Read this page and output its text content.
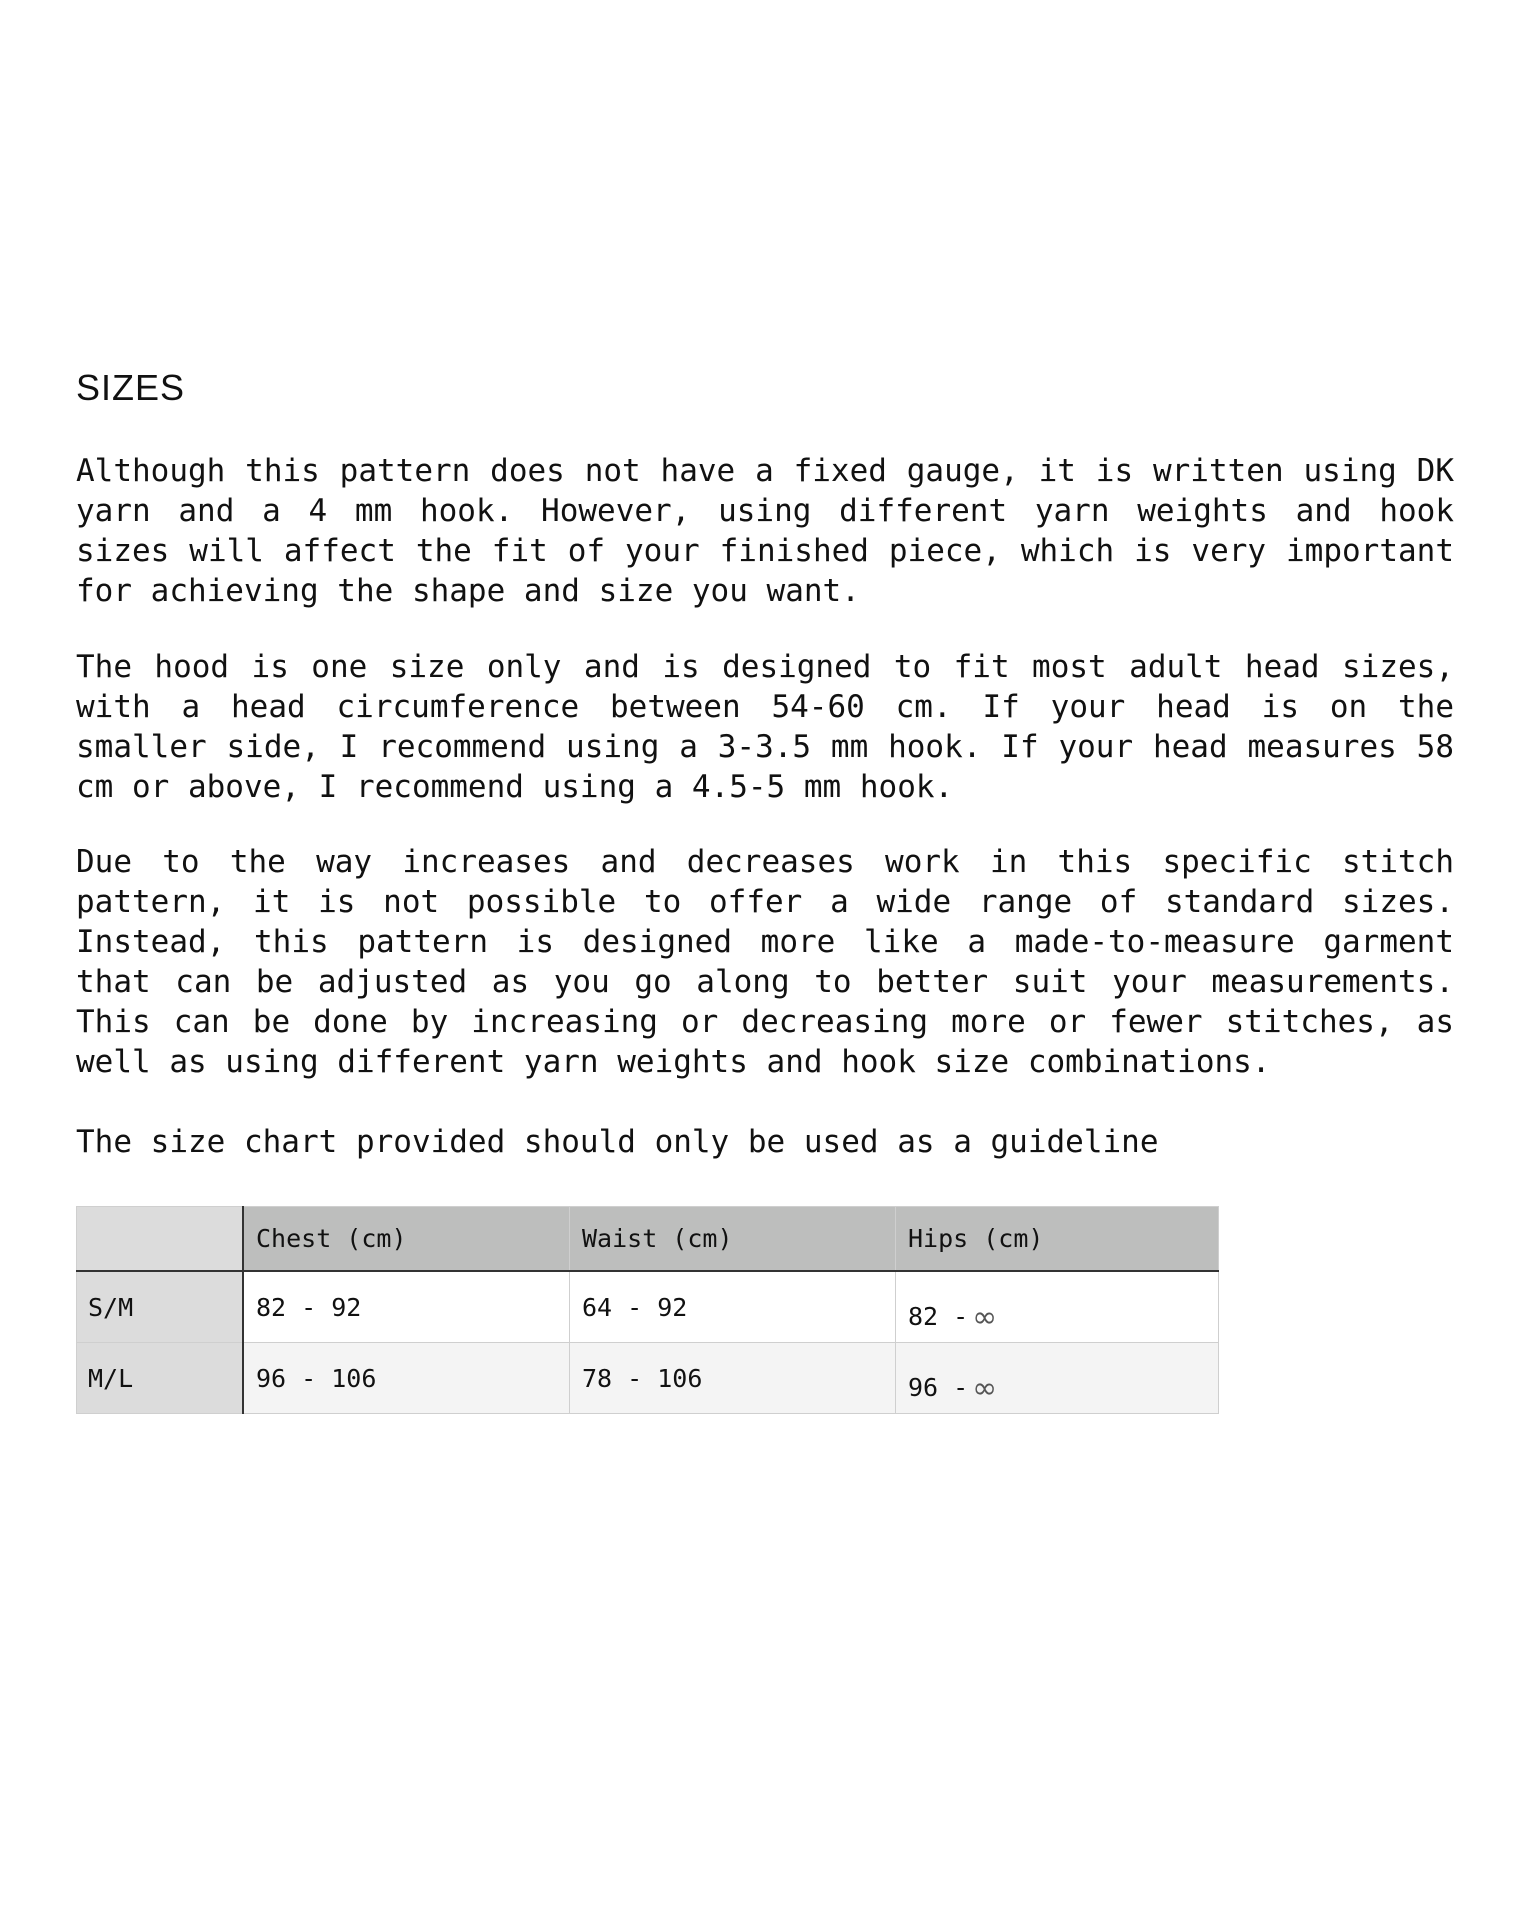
SIZES

Although this pattern does not have a fixed gauge, it is written using DK yarn and a 4 mm hook. However, using different yarn weights and hook sizes will affect the fit of your finished piece, which is very important for achieving the shape and size you want.

The hood is one size only and is designed to fit most adult head sizes, with a head circumference between 54-60 cm. If your head is on the smaller side, I recommend using a 3-3.5 mm hook. If your head measures 58 cm or above, I recommend using a 4.5-5 mm hook.

Due to the way increases and decreases work in this specific stitch pattern, it is not possible to offer a wide range of standard sizes. Instead, this pattern is designed more like a made-to-measure garment that can be adjusted as you go along to better suit your measurements. This can be done by increasing or decreasing more or fewer stitches, as well as using different yarn weights and hook size combinations.

The size chart provided should only be used as a guideline

	Chest (cm)	Waist (cm)	Hips (cm)
S/M	82 - 92	64 - 92	82 - ∞
M/L	96 - 106	78 - 106	96 - ∞
